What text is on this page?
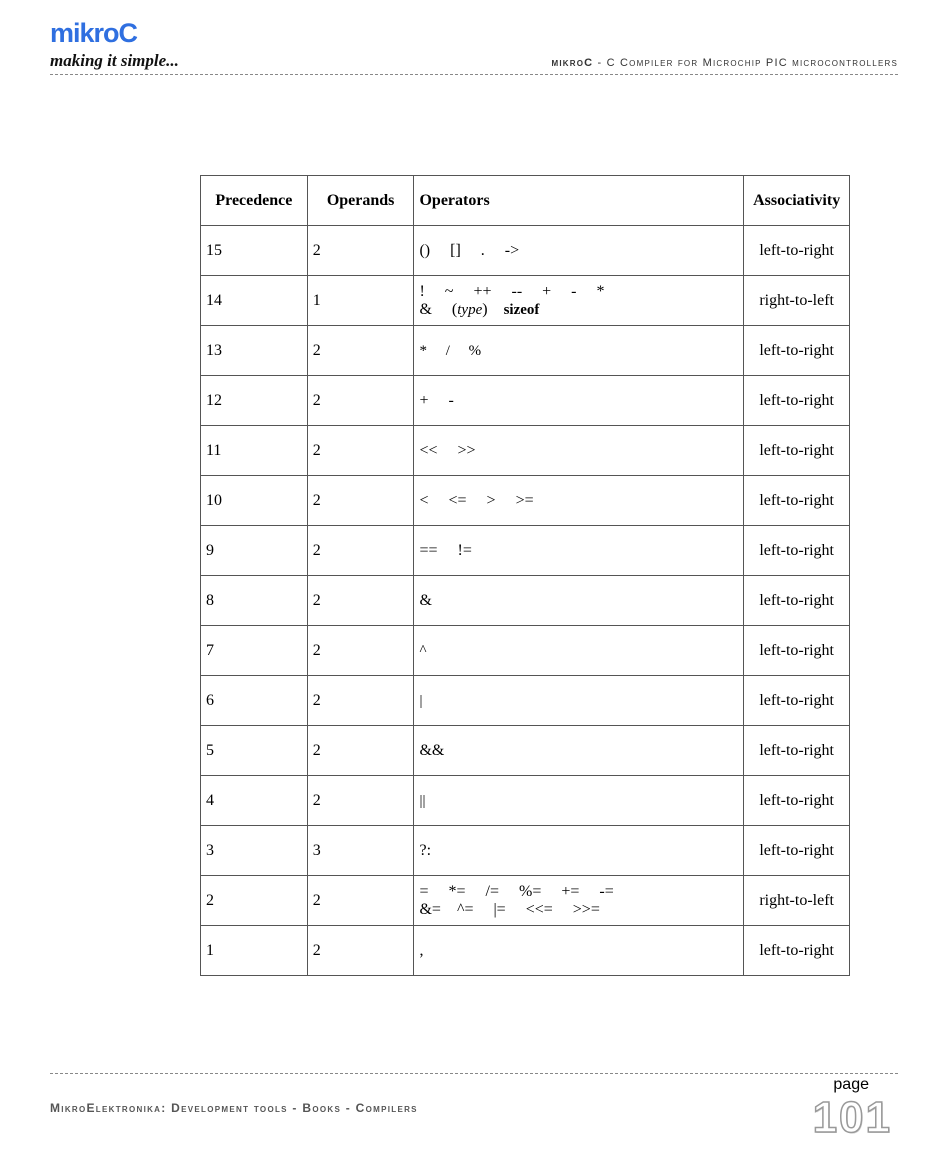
mikroC
making it simple...	mikroC - C Compiler for Microchip PIC microcontrollers
Precedence	Operands	Operators	Associativity
15	2	()     []     .     ->	left-to-right
14	1	!     ~     ++     --     +     -     *
&     (type)    sizeof	right-to-left
13	2	*     /     %	left-to-right
12	2	+     -	left-to-right
11	2	<<     >>	left-to-right
10	2	<     <=     >     >=	left-to-right
9	2	==     !=	left-to-right
8	2	&	left-to-right
7	2	^	left-to-right
6	2	|	left-to-right
5	2	&&	left-to-right
4	2	||	left-to-right
3	3	?:	left-to-right
2	2	=     *=     /=     %=     +=     -=
&=    ^=     |=     <<=     >>=	right-to-left
1	2	,	left-to-right
MikroElektronika: Development tools - Books - Compilers
page
101
